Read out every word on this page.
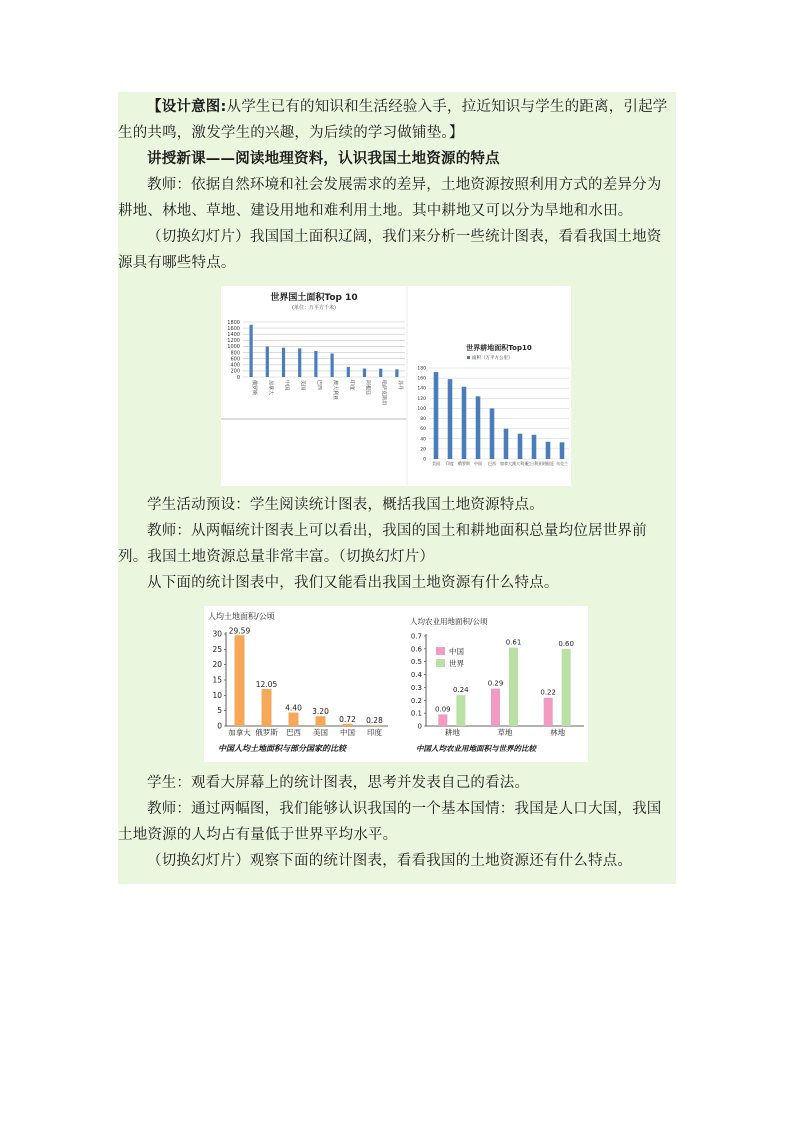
【设计意图:从学生已有的知识和生活经验入手，拉近知识与学生的距离，引起学生的共鸣，激发学生的兴趣，为后续的学习做铺垫。】

讲授新课——阅读地理资料，认识我国土地资源的特点

教师：依据自然环境和社会发展需求的差异，土地资源按照利用方式的差异分为耕地、林地、草地、建设用地和难利用土地。其中耕地又可以分为旱地和水田。

（切换幻灯片）我国国土面积辽阔，我们来分析一些统计图表，看看我国土地资源具有哪些特点。

世界国土面积Top 10
(单位：万平方千米)
0
200
400
600
800
1000
1200
1400
1600
1800
俄罗斯 加拿大 中国 美国 巴西 澳大利亚 印度 阿根廷 哈萨克斯坦 苏丹
世界耕地面积Top10
面积（万平方公里）
0
20
40
60
80
100
120
140
160
180
美国 印度 俄罗斯 中国 巴西 加拿大 澳大利亚
尼日利亚 阿根廷 乌克兰

学生活动预设：学生阅读统计图表，概括我国土地资源特点。

教师：从两幅统计图表上可以看出，我国的国土和耕地面积总量均位居世界前列。我国土地资源总量非常丰富。（切换幻灯片）

从下面的统计图表中，我们又能看出我国土地资源有什么特点。

人均土地面积/公顷
0
5
10
15
20
25
30 29.59
加拿大
12.05
俄罗斯
4.40
巴西
3.20
美国
0.72
中国
0.28
印度
中国人均土地面积与部分国家的比较
人均农业用地面积/公顷
0
0.1
0.2
0.3
0.4
0.5
0.6
0.7
中国
世界
0.09
0.24
耕地
0.29
0.61
草地
0.22
0.60
林地
中国人均农业用地面积与世界的比较

学生：观看大屏幕上的统计图表，思考并发表自己的看法。

教师：通过两幅图，我们能够认识我国的一个基本国情：我国是人口大国，我国土地资源的人均占有量低于世界平均水平。

（切换幻灯片）观察下面的统计图表，看看我国的土地资源还有什么特点。
